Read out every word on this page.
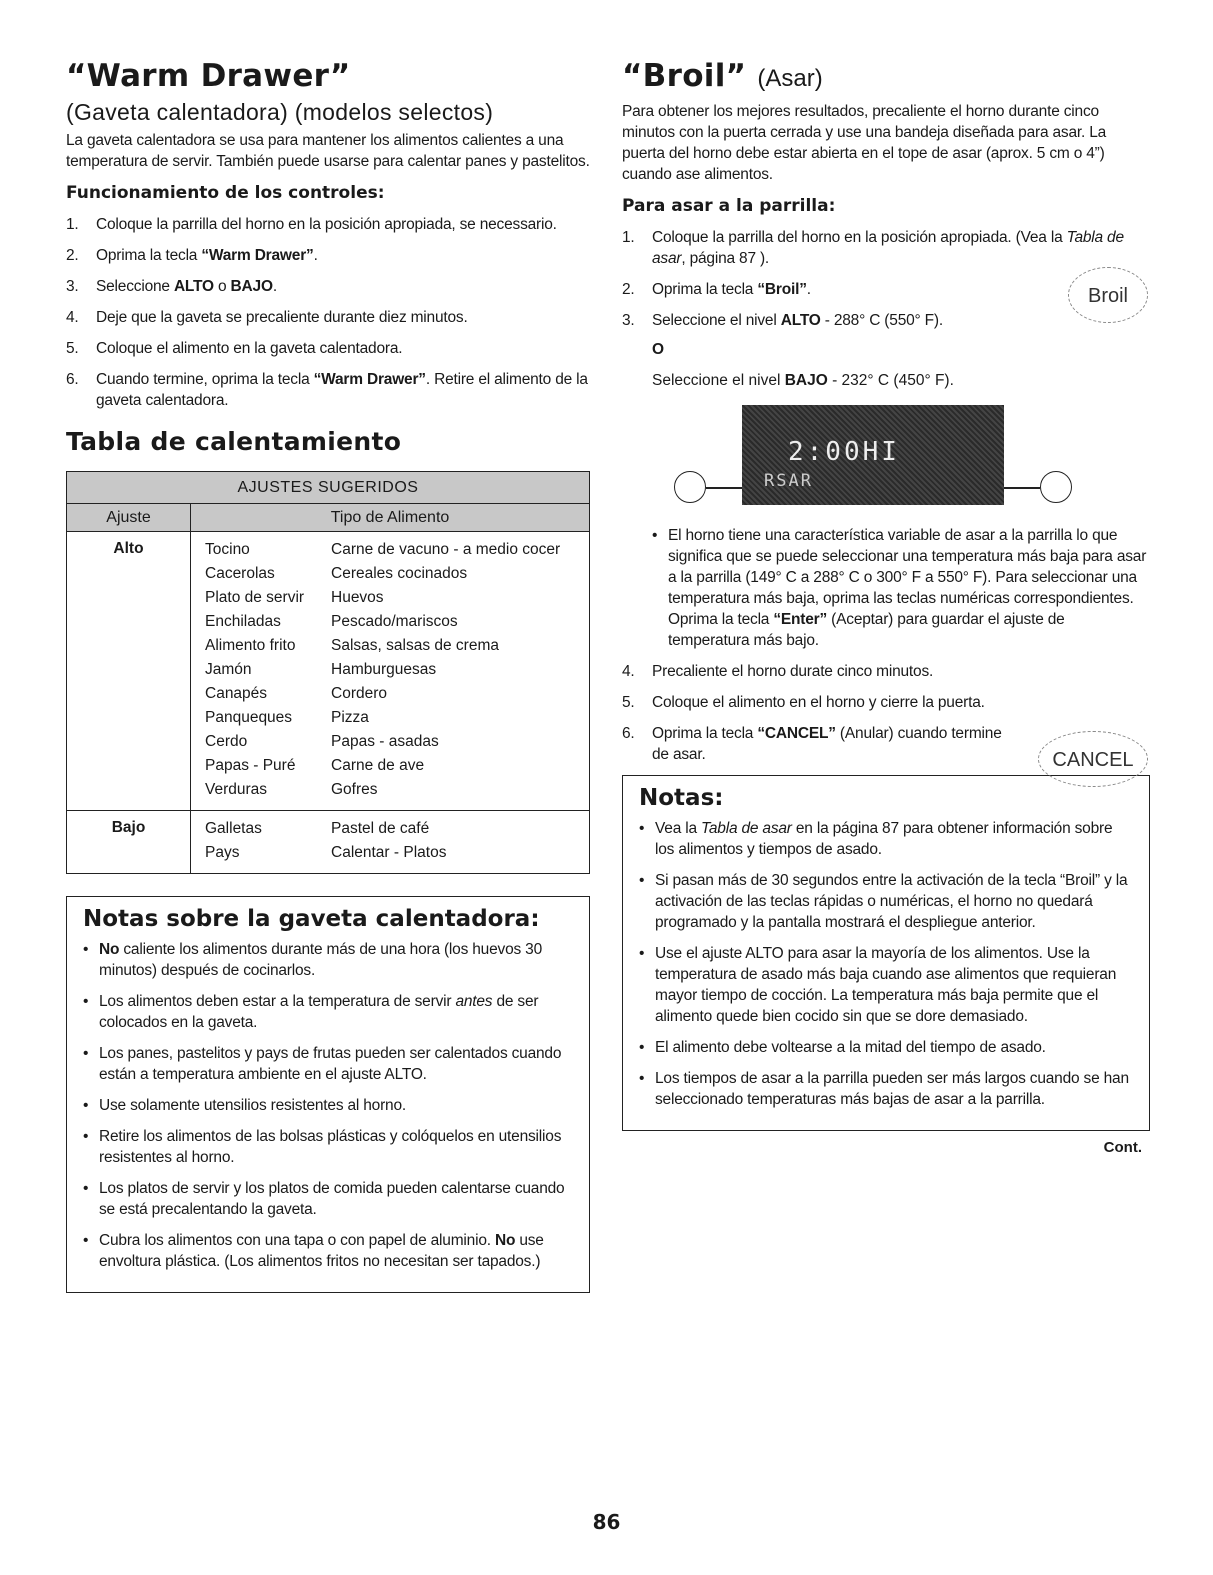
“Warm Drawer”
(Gaveta calentadora) (modelos selectos)

La gaveta calentadora se usa para mantener los alimentos calientes a una temperatura de servir. También puede usarse para calentar panes y pastelitos.

Funcionamiento de los controles:
1. Coloque la parrilla del horno en la posición apropiada, se necessario.
2. Oprima la tecla “Warm Drawer”.
3. Seleccione ALTO o BAJO.
4. Deje que la gaveta se precaliente durante diez minutos.
5. Coloque el alimento en la gaveta calentadora.
6. Cuando termine, oprima la tecla “Warm Drawer”. Retire el alimento de la gaveta calentadora.
Tabla de calentamiento
AJUSTES SUGERIDOS
Ajuste	Tipo de Alimento
Alto	Tocino	Carne de vacuno - a medio cocer
Cacerolas	Cereales cocinados
Plato de servir	Huevos
Enchiladas	Pescado/mariscos
Alimento frito	Salsas, salsas de crema
Jamón	Hamburguesas
Canapés	Cordero
Panqueques	Pizza
Cerdo	Papas - asadas
Papas - Puré	Carne de ave
Verduras	Gofres
Bajo	Galletas	Pastel de café
Pays	Calentar - Platos
Notas sobre la gaveta calentadora:
• No caliente los alimentos durante más de una hora (los huevos 30 minutos) después de cocinarlos.
• Los alimentos deben estar a la temperatura de servir antes de ser colocados en la gaveta.
• Los panes, pastelitos y pays de frutas pueden ser calentados cuando están a temperatura ambiente en el ajuste ALTO.
• Use solamente utensilios resistentes al horno.
• Retire los alimentos de las bolsas plásticas y colóquelos en utensilios resistentes al horno.
• Los platos de servir y los platos de comida pueden calentarse cuando se está precalentando la gaveta.
• Cubra los alimentos con una tapa o con papel de aluminio. No use envoltura plástica. (Los alimentos fritos no necesitan ser tapados.)
“Broil” (Asar)

Para obtener los mejores resultados, precaliente el horno durante cinco minutos con la puerta cerrada y use una bandeja diseñada para asar. La puerta del horno debe estar abierta en el tope de asar (aprox. 5 cm o 4”) cuando ase alimentos.

Para asar a la parrilla:
Broil
1. Coloque la parrilla del horno en la posición apropiada. (Vea la Tabla de asar, página 87 ).
2. Oprima la tecla “Broil”.
3. Seleccione el nivel ALTO - 288° C (550° F).
O
Seleccione el nivel BAJO - 232° C (450° F).
2:00HI
RSAR
• El horno tiene una característica variable de asar a la parrilla lo que significa que se puede seleccionar una temperatura más baja para asar a la parrilla (149° C a 288° C o 300° F a 550° F). Para seleccionar una temperatura más baja, oprima las teclas numéricas correspondientes. Oprima la tecla “Enter” (Aceptar) para guardar el ajuste de temperatura más bajo.
CANCEL
4. Precaliente el horno durate cinco minutos.
5. Coloque el alimento en el horno y cierre la puerta.
6. Oprima la tecla “CANCEL” (Anular) cuando termine de asar.
Notas:
• Vea la Tabla de asar en la página 87 para obtener información sobre los alimentos y tiempos de asado.
• Si pasan más de 30 segundos entre la activación de la tecla “Broil” y la activación de las teclas rápidas o numéricas, el horno no quedará programado y la pantalla mostrará el despliegue anterior.
• Use el ajuste ALTO para asar la mayoría de los alimentos. Use la temperatura de asado más baja cuando ase alimentos que requieran mayor tiempo de cocción. La temperatura más baja permite que el alimento quede bien cocido sin que se dore demasiado.
• El alimento debe voltearse a la mitad del tiempo de asado.
• Los tiempos de asar a la parrilla pueden ser más largos cuando se han seleccionado temperaturas más bajas de asar a la parrilla.
Cont.
86
